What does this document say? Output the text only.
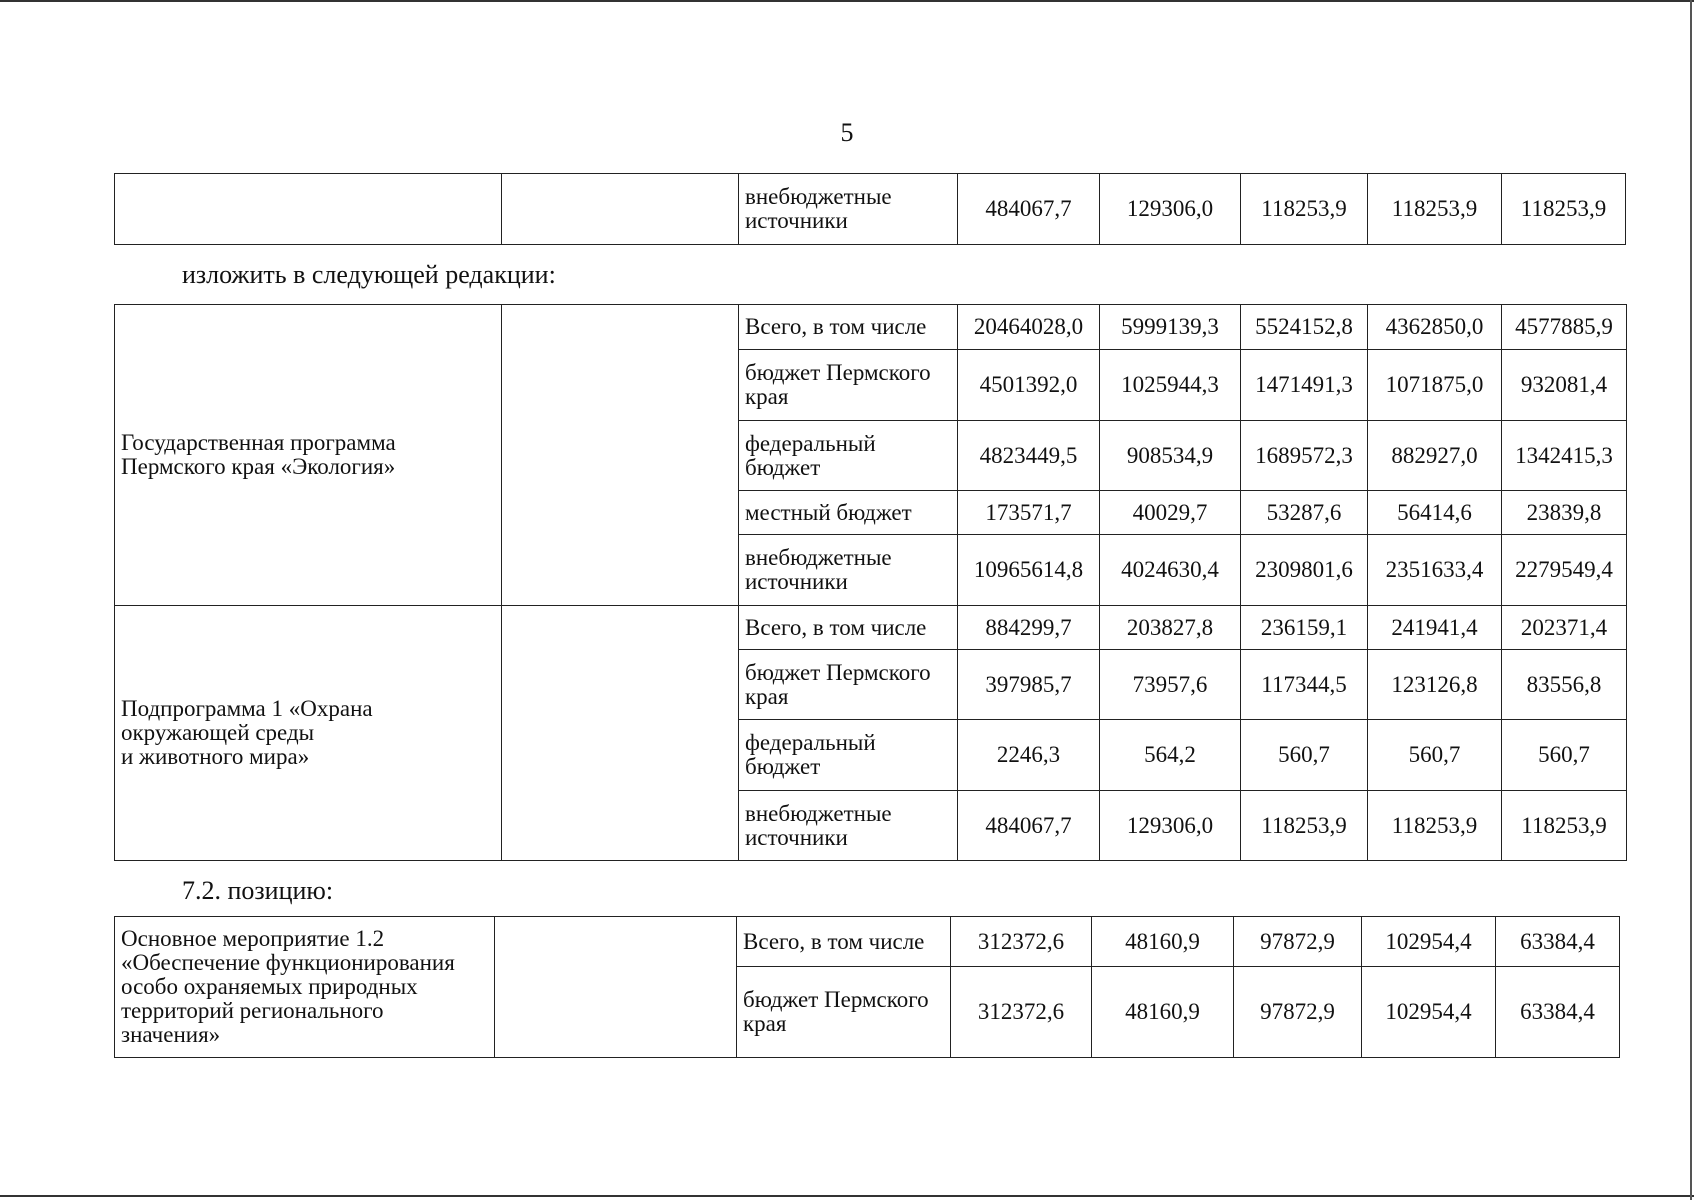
5
		внебюджетные источники	484067,7	129306,0	118253,9	118253,9	118253,9
изложить в следующей редакции:
Государственная программа Пермского края «Экология»		Всего, в том числе	20464028,0	5999139,3	5524152,8	4362850,0	4577885,9
		бюджет Пермского края	4501392,0	1025944,3	1471491,3	1071875,0	932081,4
		федеральный бюджет	4823449,5	908534,9	1689572,3	882927,0	1342415,3
		местный бюджет	173571,7	40029,7	53287,6	56414,6	23839,8
		внебюджетные источники	10965614,8	4024630,4	2309801,6	2351633,4	2279549,4
Подпрограмма 1 «Охрана
окружающей среды
и животного мира»		Всего, в том числе	884299,7	203827,8	236159,1	241941,4	202371,4
		бюджет Пермского края	397985,7	73957,6	117344,5	123126,8	83556,8
		федеральный бюджет	2246,3	564,2	560,7	560,7	560,7
		внебюджетные источники	484067,7	129306,0	118253,9	118253,9	118253,9
7.2. позицию:
Основное мероприятие 1.2 «Обеспечение функционирования особо охраняемых природных территорий регионального значения»		Всего, в том числе	312372,6	48160,9	97872,9	102954,4	63384,4
		бюджет Пермского края	312372,6	48160,9	97872,9	102954,4	63384,4
